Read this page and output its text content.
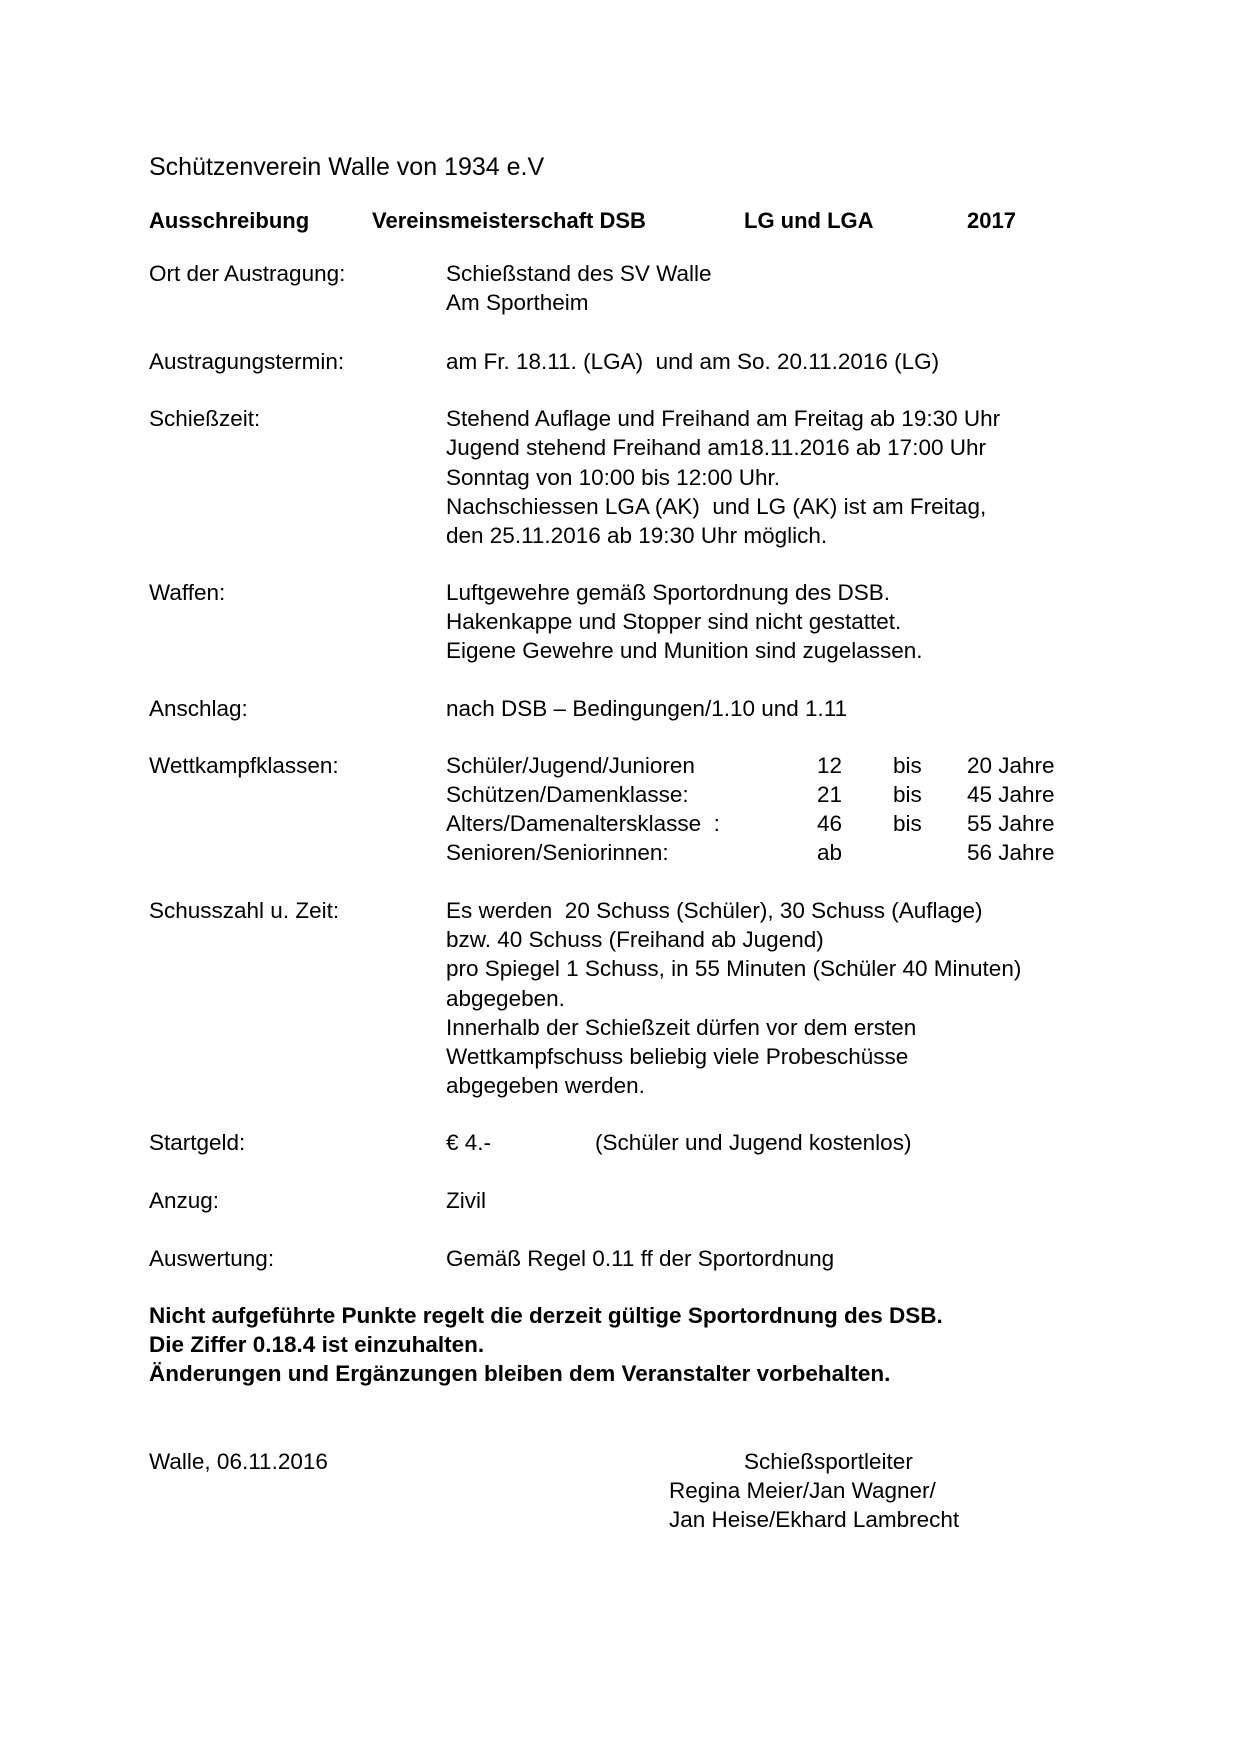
Schützenverein Walle von 1934 e.V
Ausschreibung	Vereinsmeisterschaft DSB	LG und LGA	2017
Ort der Austragung:	Schießstand des SV Walle
Am Sportheim
Austragungstermin:	am Fr. 18.11. (LGA)  und am So. 20.11.2016 (LG)
Schießzeit:	Stehend Auflage und Freihand am Freitag ab 19:30 Uhr
Jugend stehend Freihand am18.11.2016 ab 17:00 Uhr
Sonntag von 10:00 bis 12:00 Uhr.
Nachschiessen LGA (AK)  und LG (AK) ist am Freitag,
den 25.11.2016 ab 19:30 Uhr möglich.
Waffen:	Luftgewehre gemäß Sportordnung des DSB.
Hakenkappe und Stopper sind nicht gestattet.
Eigene Gewehre und Munition sind zugelassen.
Anschlag:	nach DSB – Bedingungen/1.10 und 1.11
Wettkampfklassen:	Schüler/Jugend/Junioren	12 bis 20 Jahre
Schützen/Damenklasse:	21 bis 45 Jahre
Alters/Damenaltersklasse  :	46 bis 55 Jahre
Senioren/Seniorinnen:	ab	56 Jahre
Schusszahl u. Zeit:	Es werden  20 Schuss (Schüler), 30 Schuss (Auflage)
bzw. 40 Schuss (Freihand ab Jugend)
pro Spiegel 1 Schuss, in 55 Minuten (Schüler 40 Minuten)
abgegeben.
Innerhalb der Schießzeit dürfen vor dem ersten
Wettkampfschuss beliebig viele Probeschüsse
abgegeben werden.
Startgeld:	€ 4.-	(Schüler und Jugend kostenlos)
Anzug:	Zivil
Auswertung:	Gemäß Regel 0.11 ff der Sportordnung
Nicht aufgeführte Punkte regelt die derzeit gültige Sportordnung des DSB.
Die Ziffer 0.18.4 ist einzuhalten.
Änderungen und Ergänzungen bleiben dem Veranstalter vorbehalten.
Walle, 06.11.2016	Schießsportleiter
Regina Meier/Jan Wagner/
Jan Heise/Ekhard Lambrecht
